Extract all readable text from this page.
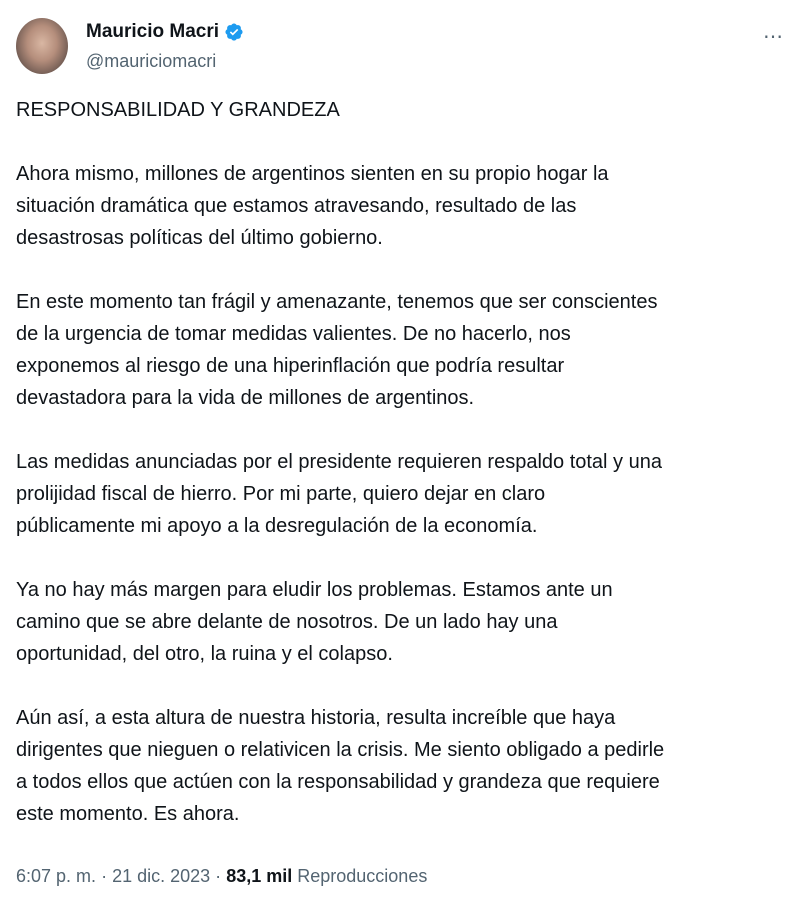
Mauricio Macri
@mauriciomacri
⋯

RESPONSABILIDAD Y GRANDEZA

Ahora mismo, millones de argentinos sienten en su propio hogar la
situación dramática que estamos atravesando, resultado de las
desastrosas políticas del último gobierno.

En este momento tan frágil y amenazante, tenemos que ser conscientes
de la urgencia de tomar medidas valientes. De no hacerlo, nos
exponemos al riesgo de una hiperinflación que podría resultar
devastadora para la vida de millones de argentinos.

Las medidas anunciadas por el presidente requieren respaldo total y una
prolijidad fiscal de hierro. Por mi parte, quiero dejar en claro
públicamente mi apoyo a la desregulación de la economía.

Ya no hay más margen para eludir los problemas. Estamos ante un
camino que se abre delante de nosotros. De un lado hay una
oportunidad, del otro, la ruina y el colapso.

Aún así, a esta altura de nuestra historia, resulta increíble que haya
dirigentes que nieguen o relativicen la crisis. Me siento obligado a pedirle
a todos ellos que actúen con la responsabilidad y grandeza que requiere
este momento. Es ahora.

6:07 p. m. · 21 dic. 2023 · 83,1 mil Reproducciones
